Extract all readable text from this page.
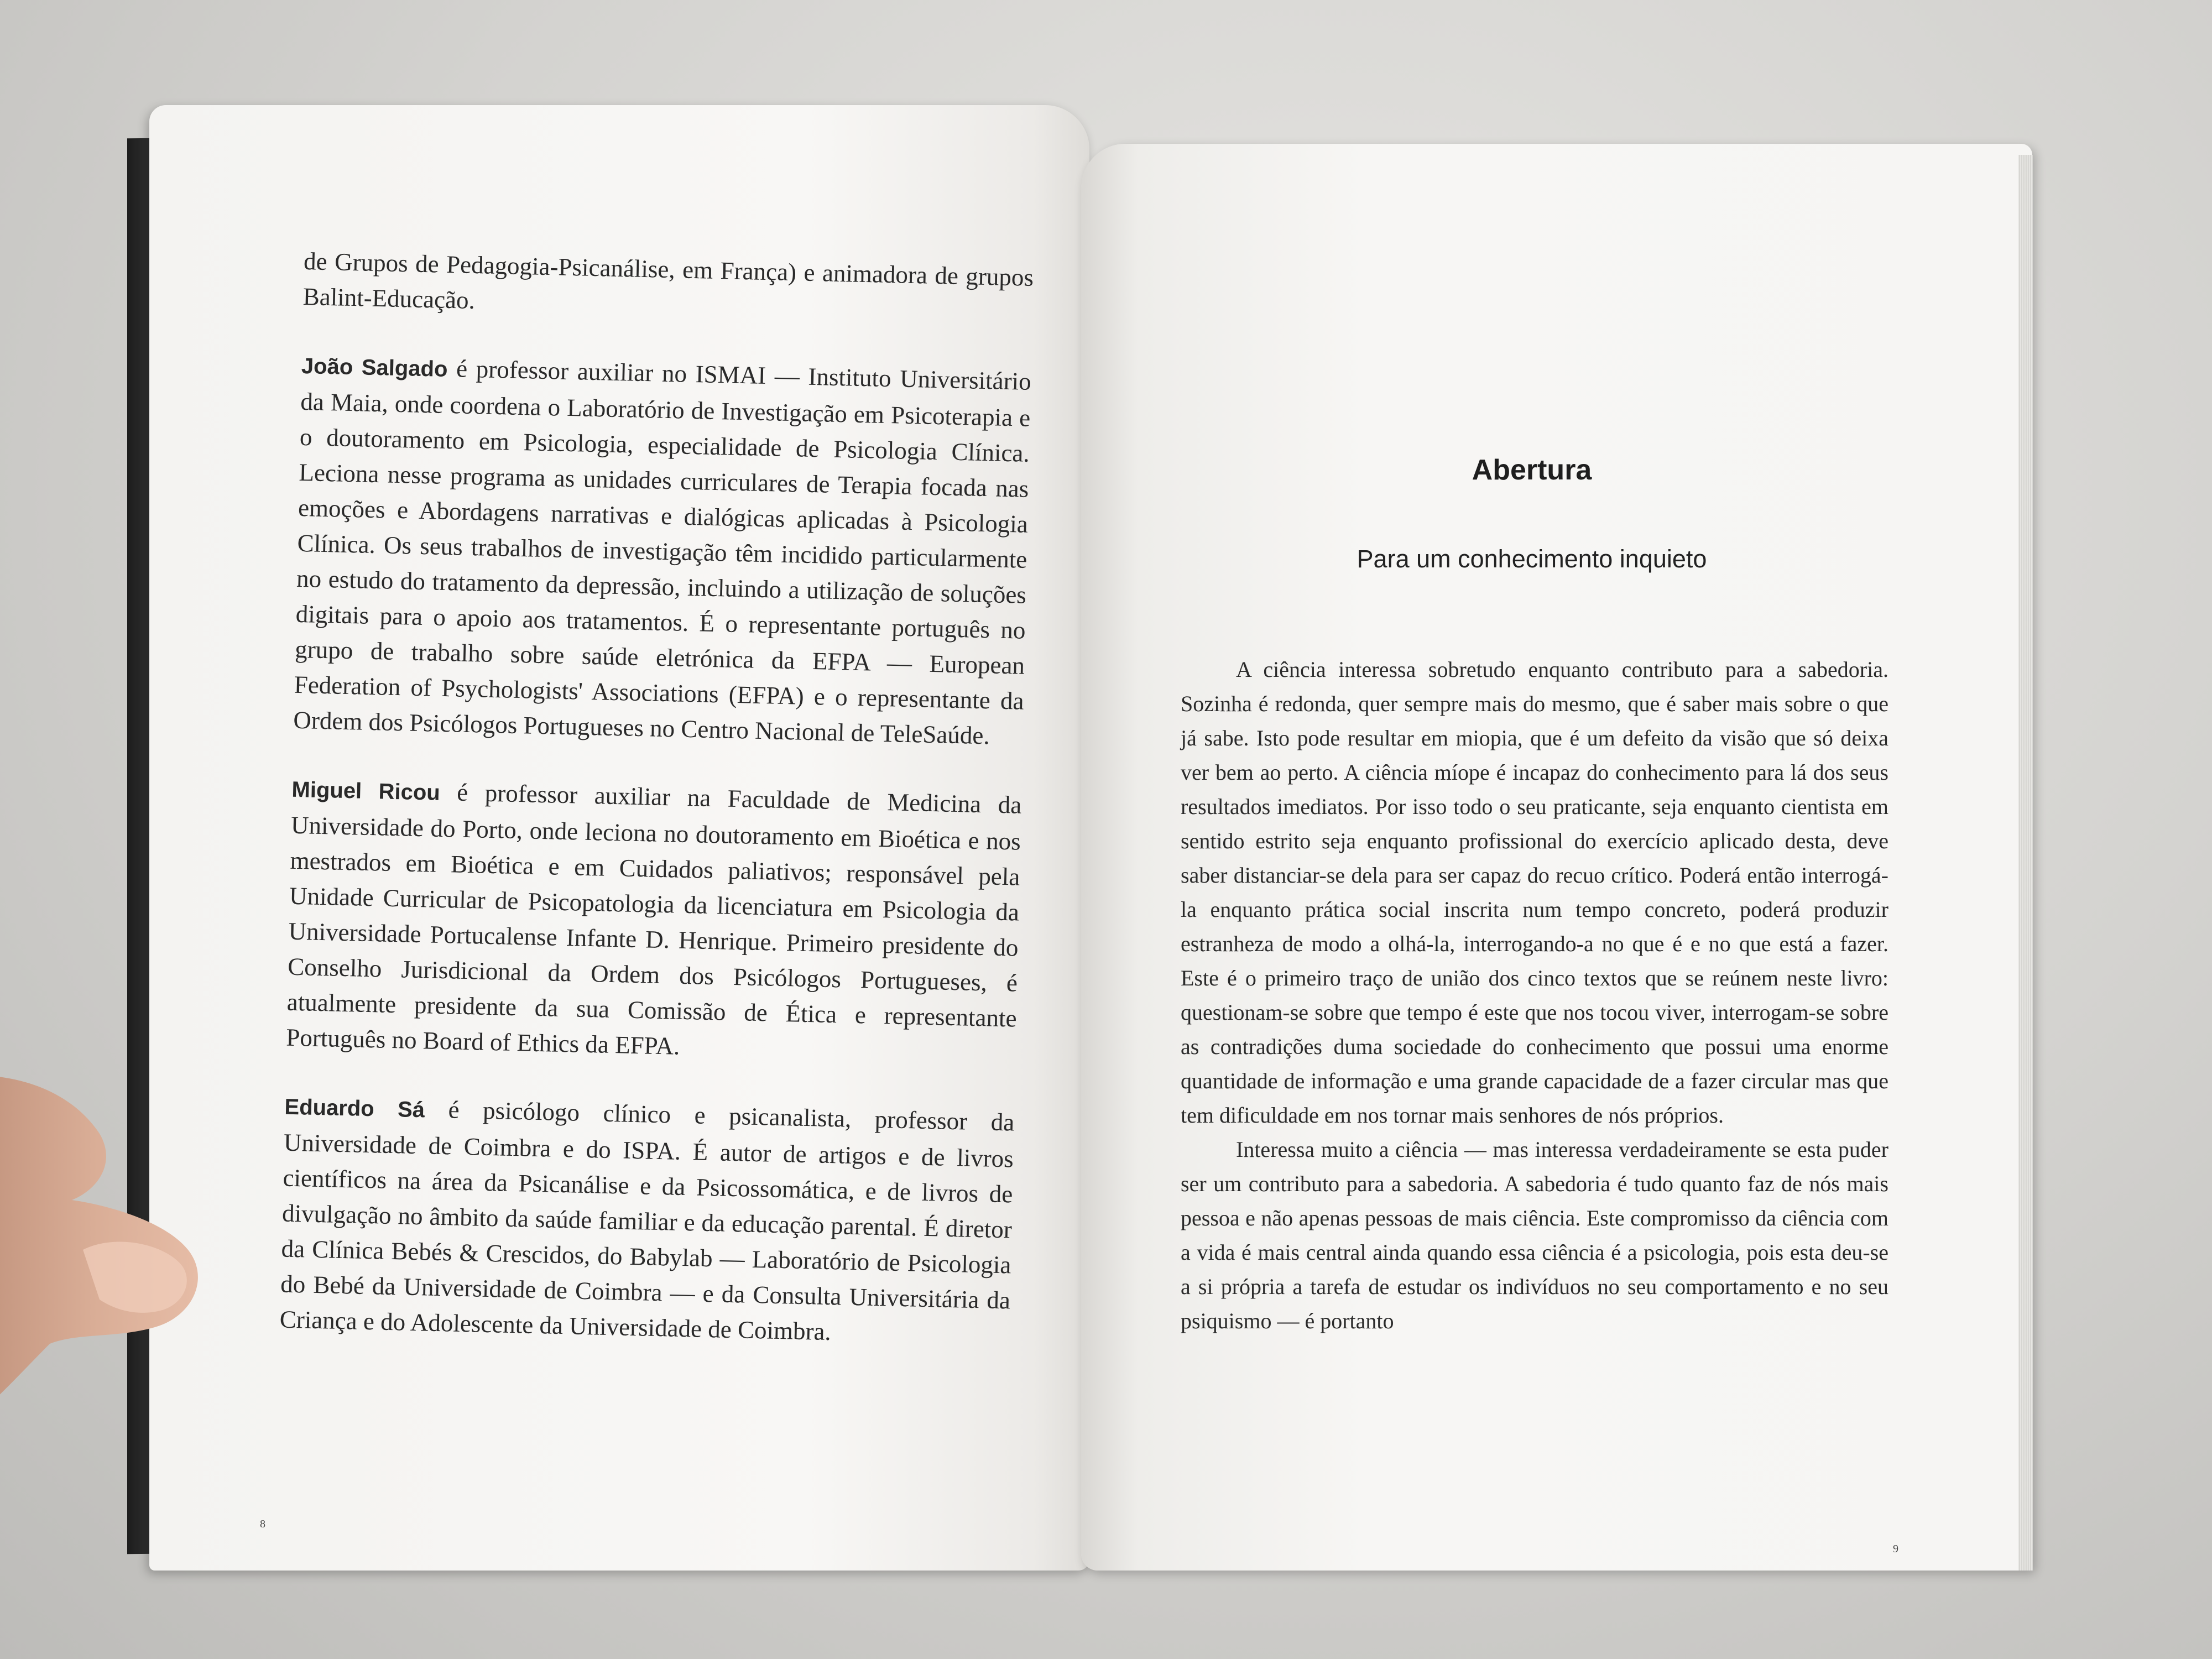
de Grupos de Pedagogia-Psicanálise, em França) e animadora de grupos Balint-Educação.

João Salgado é professor auxiliar no ISMAI — Instituto Universitário da Maia, onde coordena o Laboratório de Investigação em Psicoterapia e o doutoramento em Psicologia, especialidade de Psicologia Clínica. Leciona nesse programa as unidades curriculares de Terapia focada nas emoções e Abordagens narrativas e dialógicas aplicadas à Psicologia Clínica. Os seus trabalhos de investigação têm incidido particularmente no estudo do tratamento da depressão, incluindo a utilização de soluções digitais para o apoio aos tratamentos. É o representante português no grupo de trabalho sobre saúde eletrónica da EFPA — European Federation of Psychologists' Associations (EFPA) e o representante da Ordem dos Psicólogos Portugueses no Centro Nacional de TeleSaúde.

Miguel Ricou é professor auxiliar na Faculdade de Medicina da Universidade do Porto, onde leciona no doutoramento em Bioética e nos mestrados em Bioética e em Cuidados paliativos; responsável pela Unidade Curricular de Psicopatologia da licenciatura em Psicologia da Universidade Portucalense Infante D. Henrique. Primeiro presidente do Conselho Jurisdicional da Ordem dos Psicólogos Portugueses, é atualmente presidente da sua Comissão de Ética e representante Português no Board of Ethics da EFPA.

Eduardo Sá é psicólogo clínico e psicanalista, professor da Universidade de Coimbra e do ISPA. É autor de artigos e de livros científicos na área da Psicanálise e da Psicossomática, e de livros de divulgação no âmbito da saúde familiar e da educação parental. É diretor da Clínica Bebés & Crescidos, do Babylab — Laboratório de Psicologia do Bebé da Universidade de Coimbra — e da Consulta Universitária da Criança e do Adolescente da Universidade de Coimbra.

8
Abertura
Para um conhecimento inquieto

A ciência interessa sobretudo enquanto contributo para a sabedoria. Sozinha é redonda, quer sempre mais do mesmo, que é saber mais sobre o que já sabe. Isto pode resultar em miopia, que é um defeito da visão que só deixa ver bem ao perto. A ciência míope é incapaz do conhecimento para lá dos seus resultados imediatos. Por isso todo o seu praticante, seja enquanto cientista em sentido estrito seja enquanto profissional do exercício aplicado desta, deve saber distanciar-se dela para ser capaz do recuo crítico. Poderá então interrogá-la enquanto prática social inscrita num tempo concreto, poderá produzir estranheza de modo a olhá-la, interrogando-a no que é e no que está a fazer. Este é o primeiro traço de união dos cinco textos que se reúnem neste livro: questionam-se sobre que tempo é este que nos tocou viver, interrogam-se sobre as contradições duma sociedade do conhecimento que possui uma enorme quantidade de informação e uma grande capacidade de a fazer circular mas que tem dificuldade em nos tornar mais senhores de nós próprios.

Interessa muito a ciência — mas interessa verdadeiramente se esta puder ser um contributo para a sabedoria. A sabedoria é tudo quanto faz de nós mais pessoa e não apenas pessoas de mais ciência. Este compromisso da ciência com a vida é mais central ainda quando essa ciência é a psicologia, pois esta deu-se a si própria a tarefa de estudar os indivíduos no seu comportamento e no seu psiquismo — é portanto

9
